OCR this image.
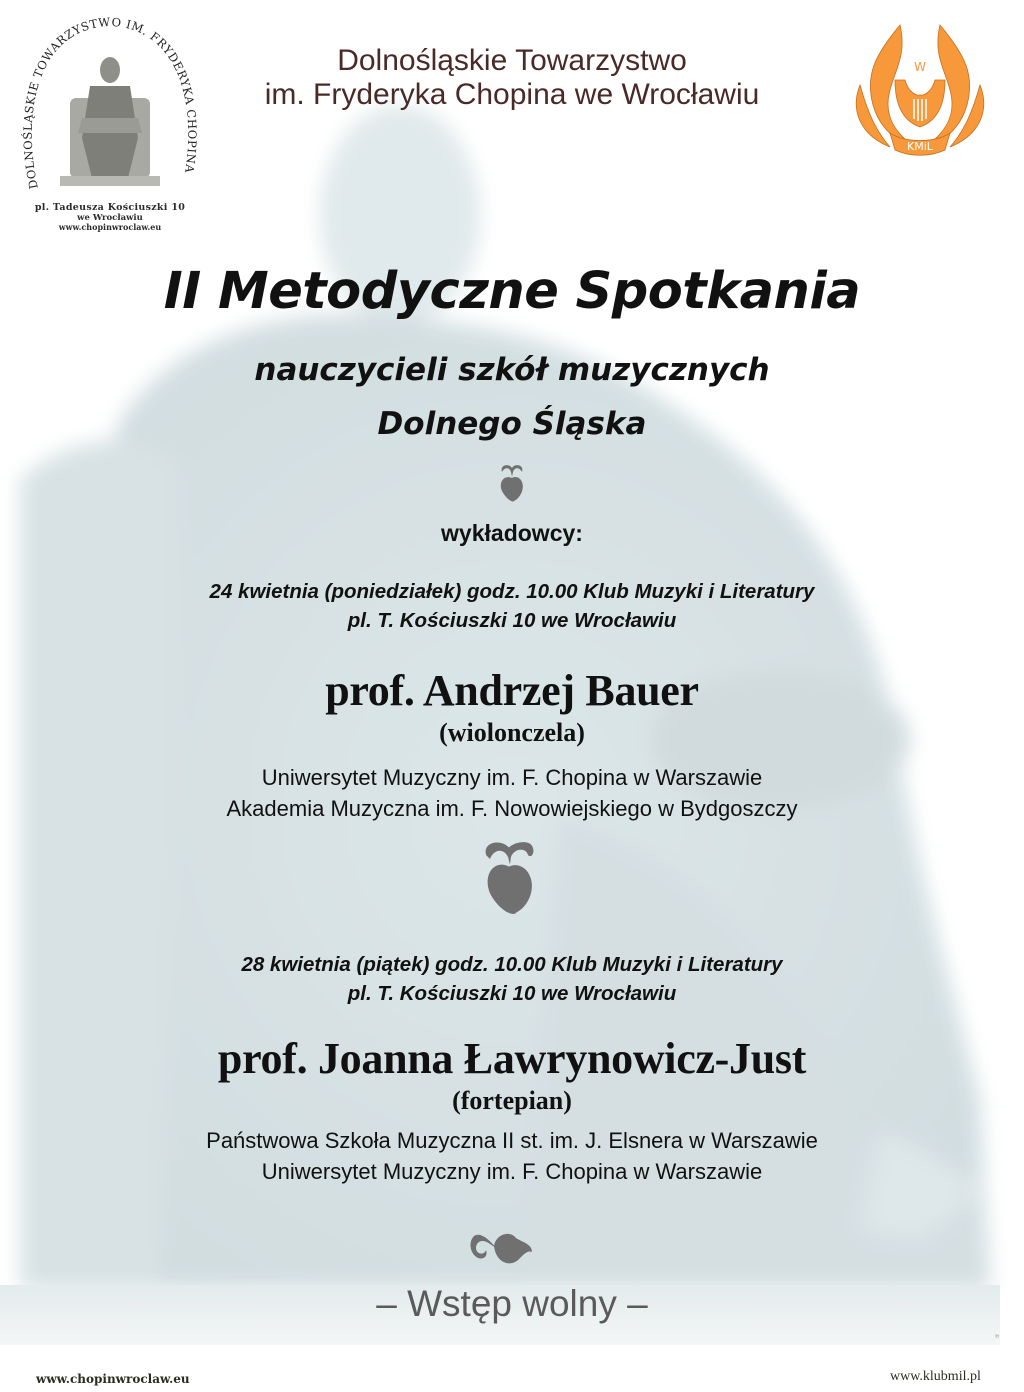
DOLNOŚLĄSKIE TOWARZYSTWO IM. FRYDERYKA CHOPINA
pl. Tadeusza Kościuszki 10
we Wrocławiu
www.chopinwroclaw.eu
Dolnośląskie Towarzystwo
im. Fryderyka Chopina we Wrocławiu
W
KMiL
II Metodyczne Spotkania
nauczycieli szkół muzycznych
Dolnego Śląska
wykładowcy:
24 kwietnia (poniedziałek) godz. 10.00 Klub Muzyki i Literatury
pl. T. Kościuszki 10 we Wrocławiu
prof. Andrzej Bauer
(wiolonczela)
Uniwersytet Muzyczny im. F. Chopina w Warszawie
Akademia Muzyczna im. F. Nowowiejskiego w Bydgoszczy
28 kwietnia (piątek) godz. 10.00 Klub Muzyki i Literatury
pl. T. Kościuszki 10 we Wrocławiu
prof. Joanna Ławrynowicz-Just
(fortepian)
Państwowa Szkoła Muzyczna II st. im. J. Elsnera w Warszawie
Uniwersytet Muzyczny im. F. Chopina w Warszawie
– Wstęp wolny –
www.chopinwroclaw.eu	www.klubmil.pl
©
